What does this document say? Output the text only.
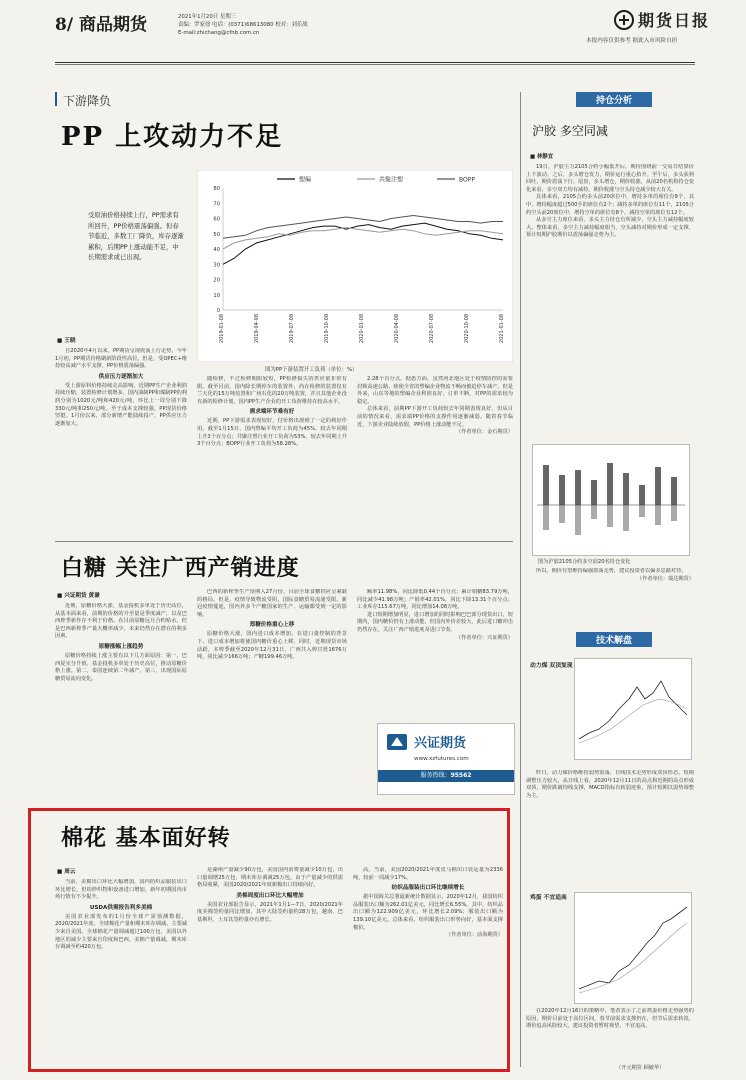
8/ 商品期货	2021年1月20日 星期三
责编：罗家徐 电话：(0371)68613080 校对：刘乐战
E-mail:zhichang@cfnb.com.cn
期货日报
本报内容仅供参考 据此入市风险自担
下游降负
PP 上攻动力不足
受原油价格持续上行，PP需求有所回升，PP价格震荡偏强。但春节临近，多数工厂降负，库存逐渐累积，后期PP上涨动能不足，中长期需求或已出现。
塑编	共聚注塑	BOPP
80
70
60
50
40
30
20
10
0
2019-01-08	2019-04-08	2019-07-08	2019-10-08	2020-01-08	2020-04-08	2020-07-08	2020-10-08	2021-01-08
图为PP下游装置开工负荷（单位：%）
■ 王晓

自2020年4月以来，PP期货呈现震荡上行走势，今年1月初，PP期货价格刷新阶段性高位。但是，受OPEC+维持较高减产水平支撑，PP价格震荡偏强。

供应压力逐渐加大

受上游原料价格持续走高影响，近期PP生产企业利润持续压缩，装置检修计划增多。国内油制PP和煤制PP的利润分别为1020元/吨和420元/吨，环比上一周分别下降330元/吨和250元/吨。至于成本支撑较强，PP现货价格坚挺。1月份以来，部分新增产能陆续投产，PP供应压力逐渐加大。

随检修，不过检修期限较短，PP检修损失的供应量非常有限。截至目前，国内除长期停车的装置外，尚在检修的装置仅有兰天化的15万吨装置和广州石化的20万吨装置，并且其他企业没有新的检修计划，国内PP生产企业的开工负荷维持在较高水平。

需求端环节难有好

近期，PP下游需求表现较好，付价格出现到了一定的利好作用。截至1月15日，国内塑编平均开工负荷为45%，较去年同期上升3个百分点；共聚注塑行业开工负荷为53%，较去年同期上升3个百分点；BOPP行业开工负荷为58.28%。

2.28个百分点。据悉方面，虽然河北地区处于疫情防控的需要封锁高速公路，致使全省的塑编企业物流不畅而被迫停车减产。但是外来，山东等地的塑编企业利润良好，订单不断，对PP的需求较为稳定。

总体来看，前期PP下游开工负荷较去年同期表现良好，但从目前的情况来看，需求端PP价格的支撑作用逐渐减弱。随着春节临近，下游企业陆续放假，PP价格上涨动能不足。

（作者单位：金石期货）
白糖 关注广西产销进度
■ 兴证期货 黄谦

近期，原糖价格大涨，基金投机多单处于历史高位，从基本面来看，前期的价格的升至量是季度减产，以及巴西榨季新作存不利于价格。在目前原糖远月合约贴水，但是巴西新榨季产量大概率减少，未来仍然存在潜在的利多因素。

原糖涨幅上涨趋势

原糖价格持续上涨主要有以下几方面原因：第一，巴西夏室分升值，基金投机多单处于历史高位，推动原糖价格上涨。第二，泰国连续第二年减产。第三，出现国际原糖贸易流向变化。

巴西的新榨季生产预期入27月份，目前全球食糖供应呈紧缺的格局。但是，疫情导致物流受阻，国际食糖贸易流通受限。新冠疫情蔓延，国内外多个产糖国家的生产、运输都受到一定的影响。

郑糖价格重心上移

原糖价格大涨，国内进口成本增加。在进口量控制的背景下，进口成本增加将使国内糖价重心上移。同时，近期现货市场活跃，本榨季截至2020年12月31日，广西共入榨甘蔗1676万吨，同比减少166万吨；产糖199.46万吨。

额率11.98%，同比降低0.44个百分点；累计销糖83.79万吨，同比减少41.98万吨；产销率42.01%，同比下降13.31个百分点；工业库存115.67万吨，同比增加14.08万吨。

进口短期增加明显，进口增加的同时影响巴巴部分现货出口，短期内，国内糖价仍有上涨动能，但国内外价差较大，此后进口糖冲击仍然存在，关注广西产销进度及进口节奏。

（作者单位：兴证期货）
兴证期货
www.xzfutures.com
服务热线：95562
棉花 基本面好转
■ 周云

当前，美棉出口环比大幅增加，国内纺织品服装出口环比增长，但纺纱织物和设备进口增加，新年初期国内市场行情有不少提升。

USDA供需报告利多美棉

美国农业部发布的1月份全球产需预测数据，2020/2021年度，全球棉花产量和期末库存调减，主要减少来自美国。全球棉花产量调减超过100万包，美国以外地区的减少主要来自印度和巴西。美棉产量调减，期末库存调减至约420万包。

是湖州产量减少90万包，美国国内消费量减少10万包，出口量调增25万包，期末库存调减25万包。由于产量减少的供需格局收紧，美国2020/2021年度新棉出口持续向好。

美棉周度出口环比大幅增加

美国农业部报告显示，2021年1月1—7日，2020/2021年度美棉签约量同比增加，其中大陆签约量约28万包，越南、巴基斯坦、土耳其签约量亦有增长。

高。当前，美国2020/2021年度皮马棉出口装运量为2336吨，较前一周减少17%。

纺织品服装出口环比继续增长

据中国海关总署最新统计数据显示，2020年12月，我国纺织品服装出口额为262.01亿美元，同比增长6.55%。其中，纺织品出口额为122.909亿美元，环比增长2.09%；服装出口额为139.10亿美元。总体来看，纺织服装出口形势向好，基本面支撑棉价。

（作者单位：前海期货）
持仓分析
沪胶 多空同减
■ 林静宜

19日，沪胶主力2105合约小幅低开后，期价围绕前一交易日结算价上下波动。之后，多头增仓发力，期价运行重心抬升。至午后，多头获利回吐，期价震荡下行。尾盘，多头增仓，期价收涨。从前20名机构持仓变化来看，多空双方均有减持，期价收涨与空头持仓减少较大有关。

具体来看，2105合约多头前20席位中，增持多单的席位有9个，其中，增持幅度超过500手的席位有2个；减持多单的席位有11个。2105合约空头前20席位中，增持空单的席位有8个，减持空单的席位有12个。

从多空主力席位来看，多头主力持仓有所减少，空头主力减持幅度较大。整体来看，多空主力减持幅度相当，空头减持对期价形成一定支撑，预计短期沪胶期价以震荡偏强走势为主。

图为沪胶2105合约多空前20名持仓变化

所以，期价有望维持偏强震荡走势，建议投资者以偏多思路对待。

（作者单位：瑞达期货）
技术解盘
动力煤 双顶复现

昨日，动力煤价格维持弱势震荡，日线技术走势形成双顶形态，短期调整压力较大。从日线上看，2020年12月11日的高点和近期的高点形成双顶，期价跌破均线支撑，MACD指标有转弱迹象，预计短期以弱势调整为主。

鸡蛋 不宜追高

在2020年12月16日的策略中，笔者表示了之前鸡蛋价格走势强势的原因，期价目前处于高位区间，春节前需求支撑仍在，但节后需求转淡，期价追高风险较大，建议投资者暂时观望，不宜追高。

（开元期货 顾敏华）
